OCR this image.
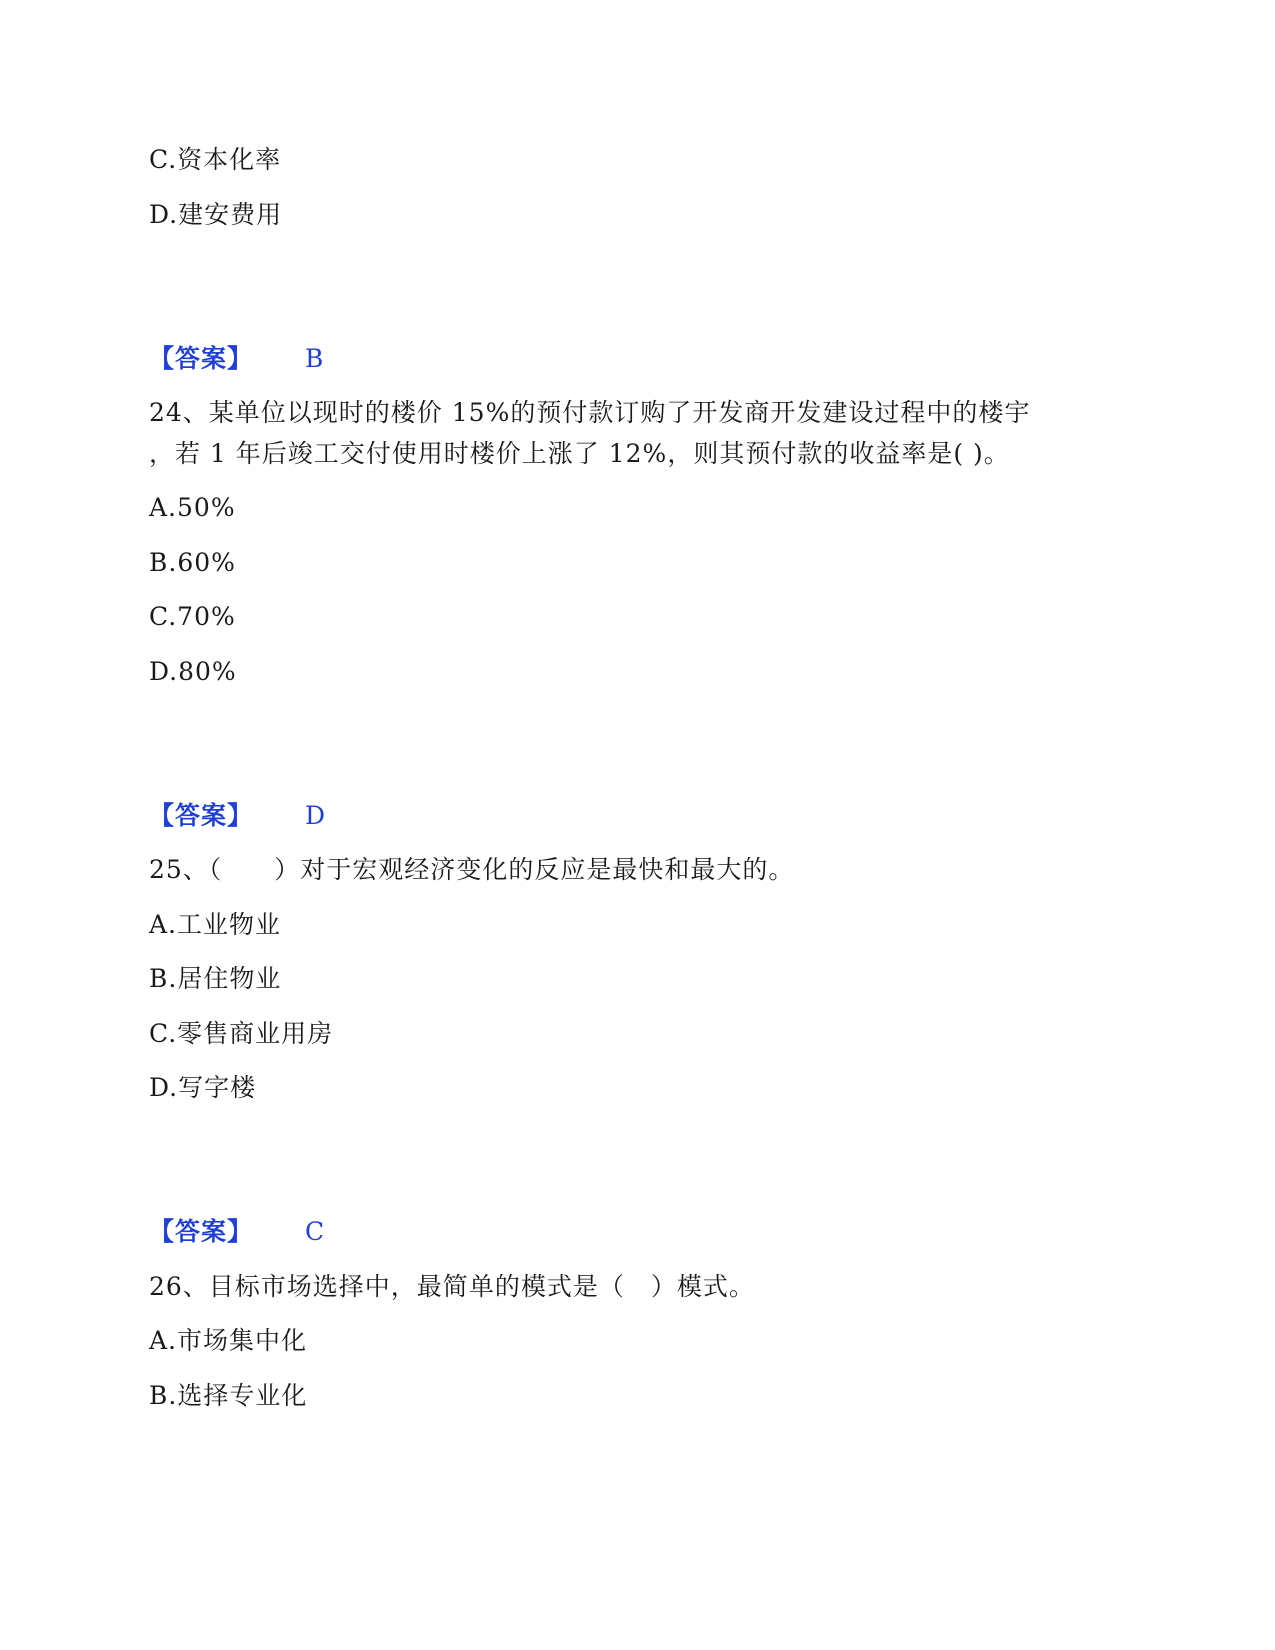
C.资本化率
D.建安费用
【答案】 B
24、某单位以现时的楼价 15%的预付款订购了开发商开发建设过程中的楼宇
，若 1 年后竣工交付使用时楼价上涨了 12%，则其预付款的收益率是( )。
A.50%
B.60%
C.70%
D.80%
【答案】 D
25、（　　）对于宏观经济变化的反应是最快和最大的。
A.工业物业
B.居住物业
C.零售商业用房
D.写字楼
【答案】 C
26、目标市场选择中，最简单的模式是（　）模式。
A.市场集中化
B.选择专业化
